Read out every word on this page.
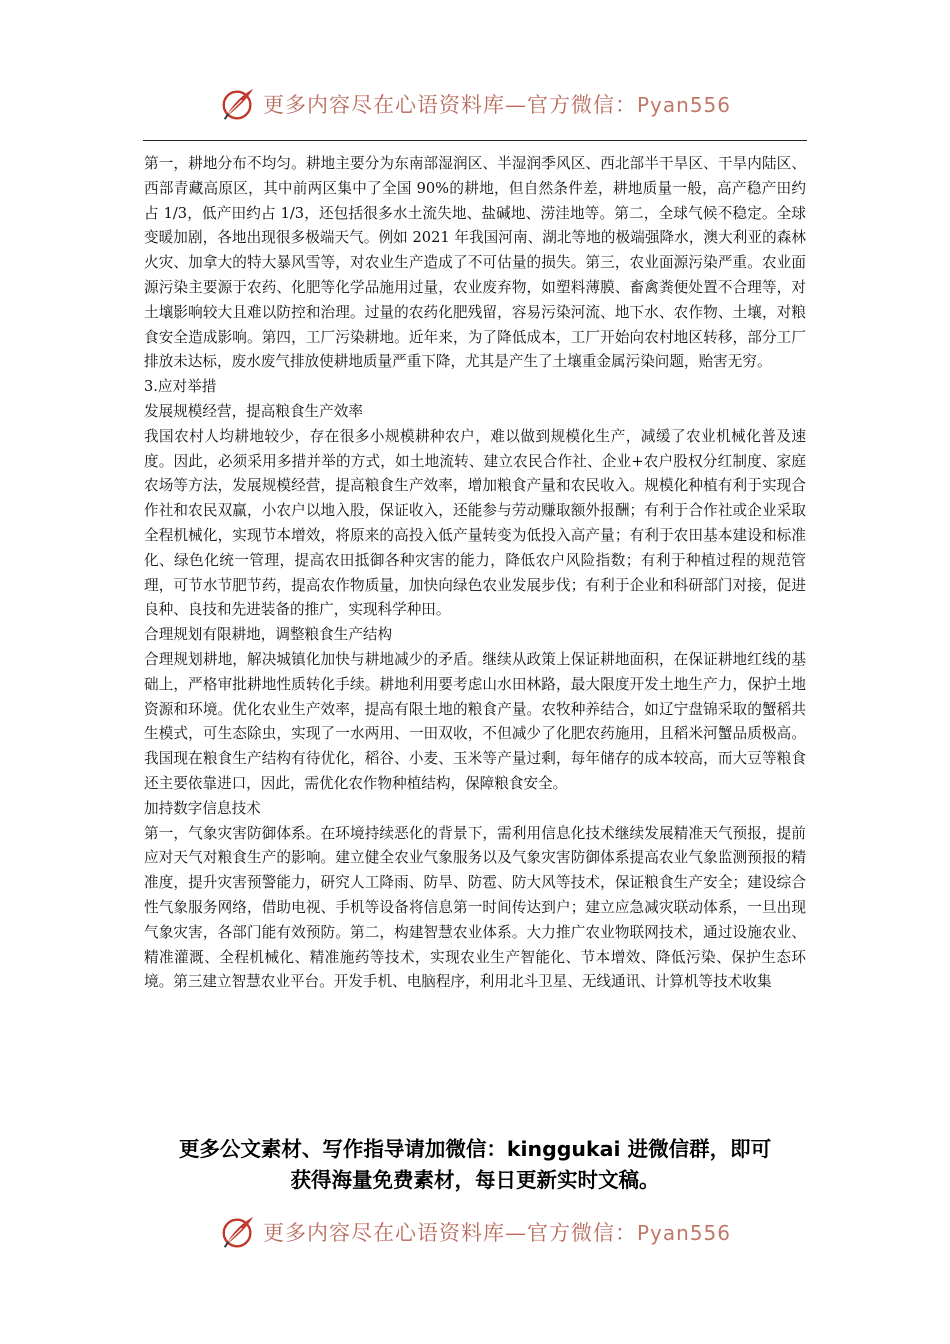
更多内容尽在心语资料库—官方微信：Pyan556

第一，耕地分布不均匀。耕地主要分为东南部湿润区、半湿润季风区、西北部半干旱区、干旱内陆区、西部青藏高原区，其中前两区集中了全国 90%的耕地，但自然条件差，耕地质量一般，高产稳产田约占 1/3，低产田约占 1/3，还包括很多水土流失地、盐碱地、涝洼地等。第二，全球气候不稳定。全球变暖加剧，各地出现很多极端天气。例如 2021 年我国河南、湖北等地的极端强降水，澳大利亚的森林火灾、加拿大的特大暴风雪等，对农业生产造成了不可估量的损失。第三，农业面源污染严重。农业面源污染主要源于农药、化肥等化学品施用过量，农业废弃物，如塑料薄膜、畜禽粪便处置不合理等，对土壤影响较大且难以防控和治理。过量的农药化肥残留，容易污染河流、地下水、农作物、土壤，对粮食安全造成影响。第四，工厂污染耕地。近年来，为了降低成本，工厂开始向农村地区转移，部分工厂排放未达标，废水废气排放使耕地质量严重下降，尤其是产生了土壤重金属污染问题，贻害无穷。

3.应对举措

发展规模经营，提高粮食生产效率

我国农村人均耕地较少，存在很多小规模耕种农户，难以做到规模化生产，减缓了农业机械化普及速度。因此，必须采用多措并举的方式，如土地流转、建立农民合作社、企业+农户股权分红制度、家庭农场等方法，发展规模经营，提高粮食生产效率，增加粮食产量和农民收入。规模化种植有利于实现合作社和农民双赢，小农户以地入股，保证收入，还能参与劳动赚取额外报酬；有利于合作社或企业采取全程机械化，实现节本增效，将原来的高投入低产量转变为低投入高产量；有利于农田基本建设和标准化、绿色化统一管理，提高农田抵御各种灾害的能力，降低农户风险指数；有利于种植过程的规范管理，可节水节肥节药，提高农作物质量，加快向绿色农业发展步伐；有利于企业和科研部门对接，促进良种、良技和先进装备的推广，实现科学种田。

合理规划有限耕地，调整粮食生产结构

合理规划耕地，解决城镇化加快与耕地减少的矛盾。继续从政策上保证耕地面积，在保证耕地红线的基础上，严格审批耕地性质转化手续。耕地利用要考虑山水田林路，最大限度开发土地生产力，保护土地资源和环境。优化农业生产效率，提高有限土地的粮食产量。农牧种养结合，如辽宁盘锦采取的蟹稻共生模式，可生态除虫，实现了一水两用、一田双收，不但减少了化肥农药施用，且稻米河蟹品质极高。我国现在粮食生产结构有待优化，稻谷、小麦、玉米等产量过剩，每年储存的成本较高，而大豆等粮食还主要依靠进口，因此，需优化农作物种植结构，保障粮食安全。

加持数字信息技术

第一，气象灾害防御体系。在环境持续恶化的背景下，需利用信息化技术继续发展精准天气预报，提前应对天气对粮食生产的影响。建立健全农业气象服务以及气象灾害防御体系提高农业气象监测预报的精准度，提升灾害预警能力，研究人工降雨、防旱、防雹、防大风等技术，保证粮食生产安全；建设综合性气象服务网络，借助电视、手机等设备将信息第一时间传达到户；建立应急减灾联动体系，一旦出现气象灾害，各部门能有效预防。第二，构建智慧农业体系。大力推广农业物联网技术，通过设施农业、精准灌溉、全程机械化、精准施药等技术，实现农业生产智能化、节本增效、降低污染、保护生态环境。第三建立智慧农业平台。开发手机、电脑程序，利用北斗卫星、无线通讯、计算机等技术收集

更多公文素材、写作指导请加微信：kinggukai 进微信群，即可
获得海量免费素材，每日更新实时文稿。
更多内容尽在心语资料库—官方微信：Pyan556
